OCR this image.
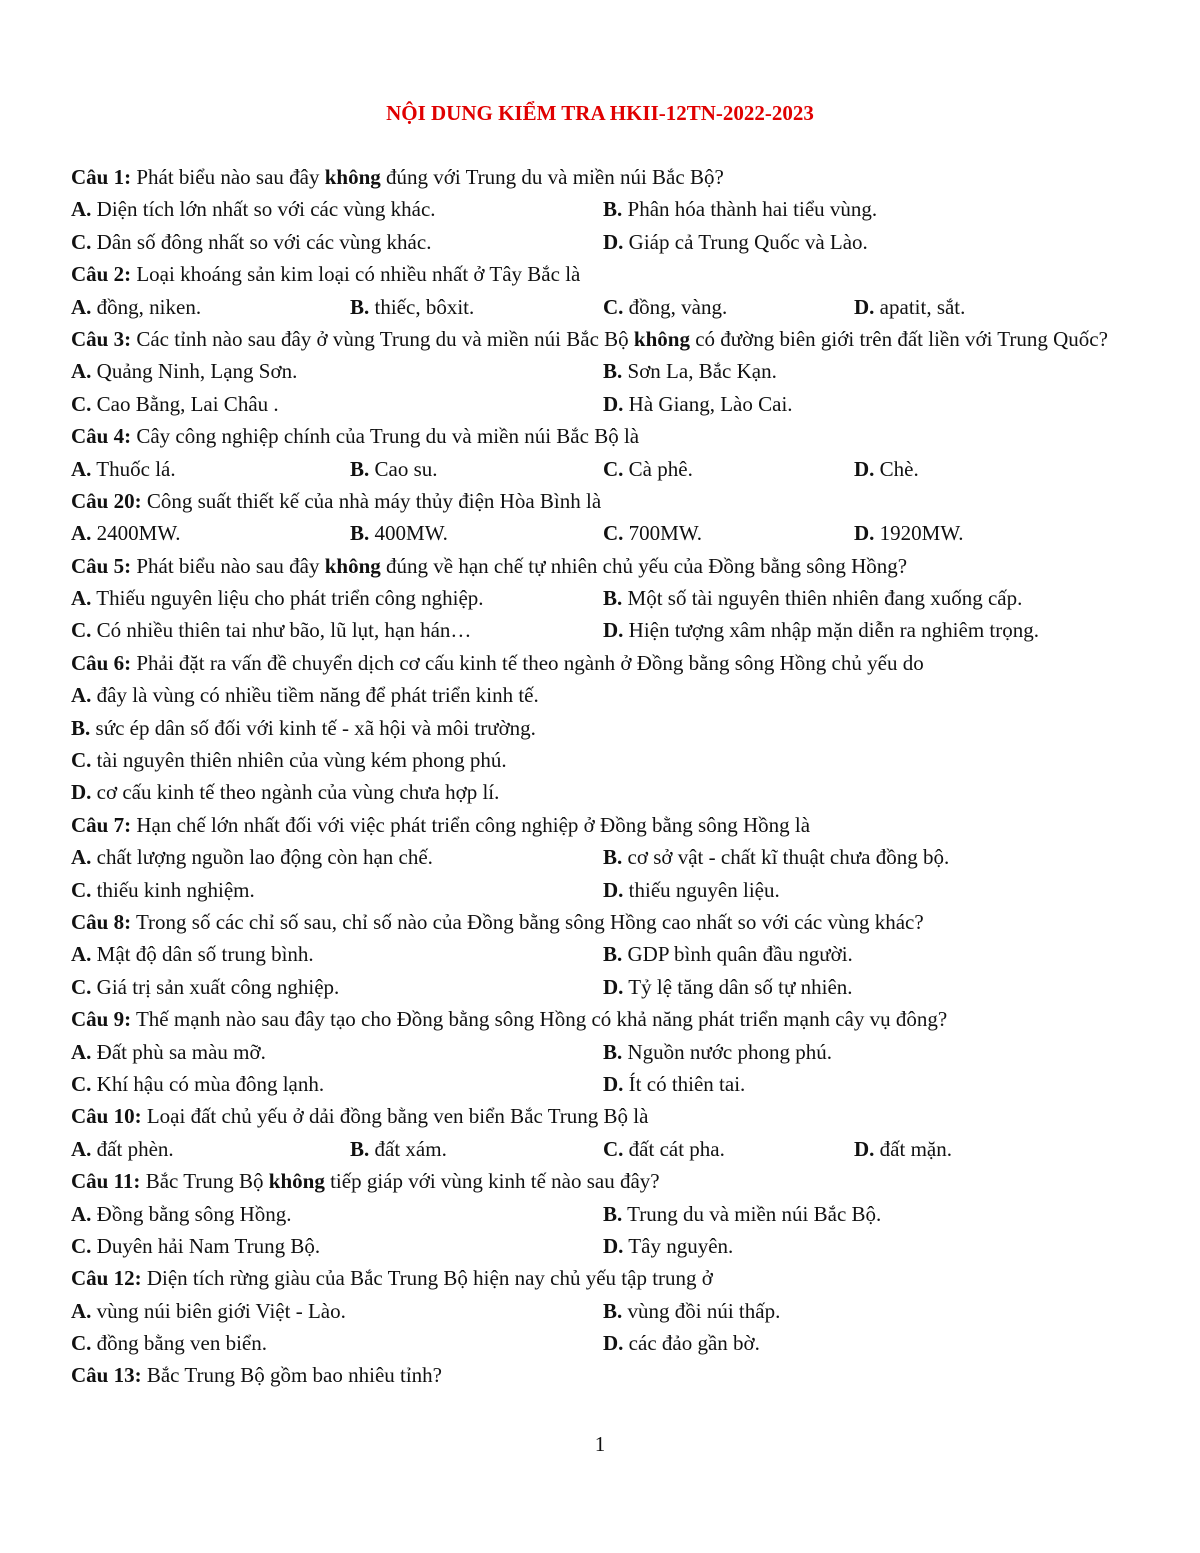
NỘI DUNG KIỂM TRA HKII-12TN-2022-2023
Câu 1: Phát biểu nào sau đây không đúng với Trung du và miền núi Bắc Bộ?
A. Diện tích lớn nhất so với các vùng khác.	B. Phân hóa thành hai tiểu vùng.
C. Dân số đông nhất so với các vùng khác.	D. Giáp cả Trung Quốc và Lào.
Câu 2: Loại khoáng sản kim loại có nhiều nhất ở Tây Bắc là
A. đồng, niken.	B. thiếc, bôxit.	C. đồng, vàng.	D. apatit, sắt.
Câu 3: Các tỉnh nào sau đây ở vùng Trung du và miền núi Bắc Bộ không có đường biên giới trên đất liền với Trung Quốc?
A. Quảng Ninh, Lạng Sơn.	B. Sơn La, Bắc Kạn.
C. Cao Bằng, Lai Châu .	D. Hà Giang, Lào Cai.
Câu 4: Cây công nghiệp chính của Trung du và miền núi Bắc Bộ là
A. Thuốc lá.	B. Cao su.	C. Cà phê.	D. Chè.
Câu 20: Công suất thiết kế của nhà máy thủy điện Hòa Bình là
A. 2400MW.	B. 400MW.	C. 700MW.	D. 1920MW.
Câu 5: Phát biểu nào sau đây không đúng về hạn chế tự nhiên chủ yếu của Đồng bằng sông Hồng?
A. Thiếu nguyên liệu cho phát triển công nghiệp.	B. Một số tài nguyên thiên nhiên đang xuống cấp.
C. Có nhiều thiên tai như bão, lũ lụt, hạn hán…	D. Hiện tượng xâm nhập mặn diễn ra nghiêm trọng.
Câu 6: Phải đặt ra vấn đề chuyển dịch cơ cấu kinh tế theo ngành ở Đồng bằng sông Hồng chủ yếu do
A. đây là vùng có nhiều tiềm năng để phát triển kinh tế.
B. sức ép dân số đối với kinh tế - xã hội và môi trường.
C. tài nguyên thiên nhiên của vùng kém phong phú.
D. cơ cấu kinh tế theo ngành của vùng chưa hợp lí.
Câu 7: Hạn chế lớn nhất đối với việc phát triển công nghiệp ở Đồng bằng sông Hồng là
A. chất lượng nguồn lao động còn hạn chế.	B. cơ sở vật - chất kĩ thuật chưa đồng bộ.
C. thiếu kinh nghiệm.	D. thiếu nguyên liệu.
Câu 8: Trong số các chỉ số sau, chỉ số nào của Đồng bằng sông Hồng cao nhất so với các vùng khác?
A. Mật độ dân số trung bình.	B. GDP bình quân đầu người.
C. Giá trị sản xuất công nghiệp.	D. Tỷ lệ tăng dân số tự nhiên.
Câu 9: Thế mạnh nào sau đây tạo cho Đồng bằng sông Hồng có khả năng phát triển mạnh cây vụ đông?
A. Đất phù sa màu mỡ.	B. Nguồn nước phong phú.
C. Khí hậu có mùa đông lạnh.	D. Ít có thiên tai.
Câu 10: Loại đất chủ yếu ở dải đồng bằng ven biển Bắc Trung Bộ là
A. đất phèn.	B. đất xám.	C. đất cát pha.	D. đất mặn.
Câu 11: Bắc Trung Bộ không tiếp giáp với vùng kinh tế nào sau đây?
A. Đồng bằng sông Hồng.	B. Trung du và miền núi Bắc Bộ.
C. Duyên hải Nam Trung Bộ.	D. Tây nguyên.
Câu 12: Diện tích rừng giàu của Bắc Trung Bộ hiện nay chủ yếu tập trung ở
A. vùng núi biên giới Việt - Lào.	B. vùng đồi núi thấp.
C. đồng bằng ven biển.	D. các đảo gần bờ.
Câu 13: Bắc Trung Bộ gồm bao nhiêu tỉnh?
1
